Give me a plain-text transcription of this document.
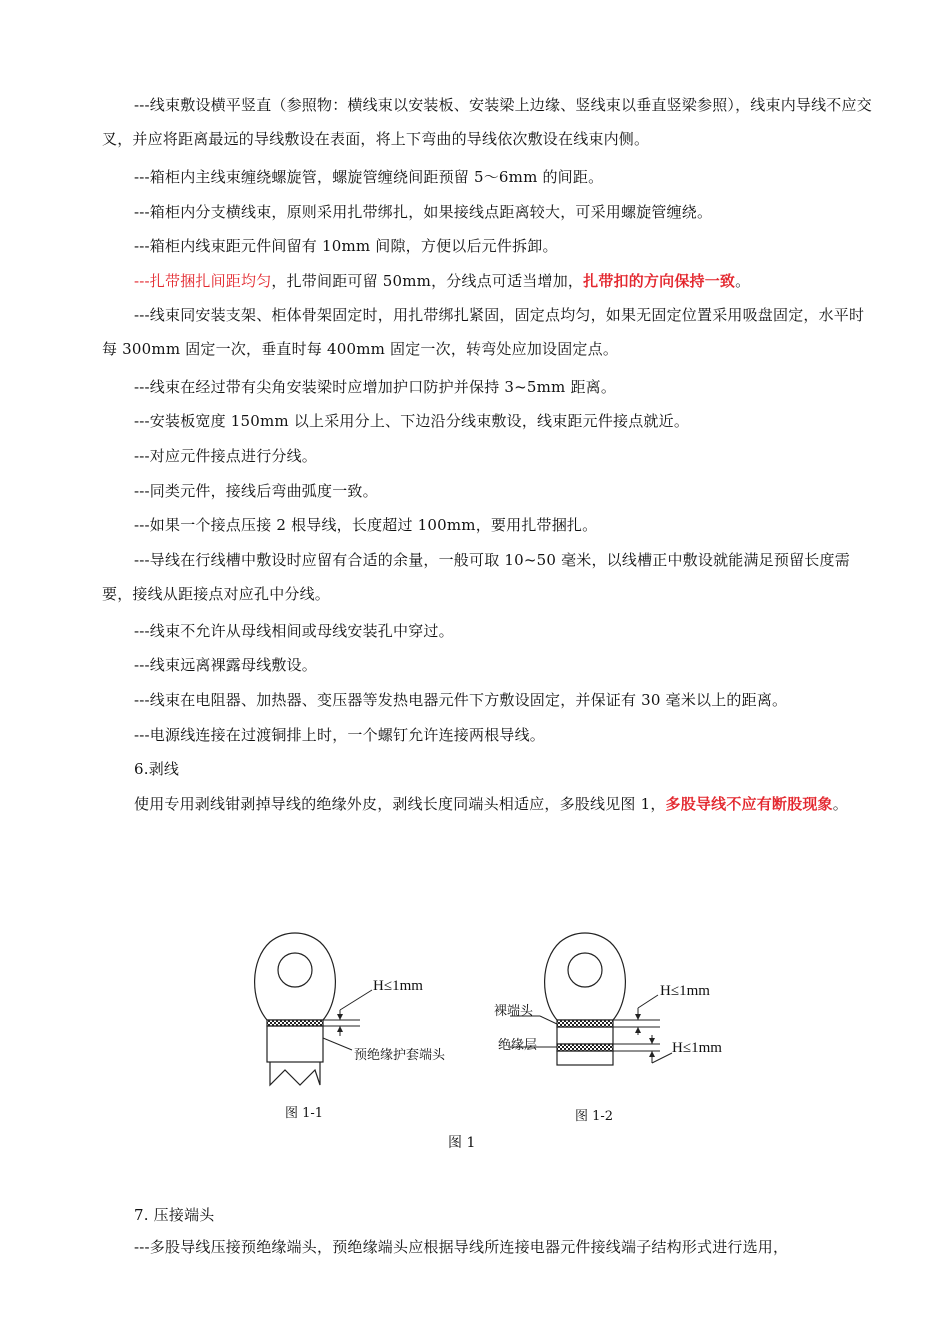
---线束敷设横平竖直（参照物：横线束以安装板、安装梁上边缘、竖线束以垂直竖梁参照），线束内导线不应交叉，并应将距离最远的导线敷设在表面，将上下弯曲的导线依次敷设在线束内侧。

---箱柜内主线束缠绕螺旋管，螺旋管缠绕间距预留 5～6mm 的间距。

---箱柜内分支横线束，原则采用扎带绑扎，如果接线点距离较大，可采用螺旋管缠绕。

---箱柜内线束距元件间留有 10mm 间隙，方便以后元件拆卸。

---扎带捆扎间距均匀，扎带间距可留 50mm，分线点可适当增加，扎带扣的方向保持一致。

---线束同安装支架、柜体骨架固定时，用扎带绑扎紧固，固定点均匀，如果无固定位置采用吸盘固定，水平时每 300mm 固定一次，垂直时每 400mm 固定一次，转弯处应加设固定点。

---线束在经过带有尖角安装梁时应增加护口防护并保持 3~5mm 距离。

---安装板宽度 150mm 以上采用分上、下边沿分线束敷设，线束距元件接点就近。

---对应元件接点进行分线。

---同类元件，接线后弯曲弧度一致。

---如果一个接点压接 2 根导线，长度超过 100mm，要用扎带捆扎。

---导线在行线槽中敷设时应留有合适的余量，一般可取 10~50 毫米，以线槽正中敷设就能满足预留长度需要，接线从距接点对应孔中分线。

---线束不允许从母线相间或母线安装孔中穿过。

---线束远离裸露母线敷设。

---线束在电阻器、加热器、变压器等发热电器元件下方敷设固定，并保证有 30 毫米以上的距离。

---电源线连接在过渡铜排上时，一个螺钉允许连接两根导线。

6.剥线

使用专用剥线钳剥掉导线的绝缘外皮，剥线长度同端头相适应，多股线见图 1，多股导线不应有断股现象。

H≤1mm
预绝缘护套端头
图 1-1
裸端头
绝缘层
H≤1mm
H≤1mm
图 1-2
图 1

7. 压接端头

---多股导线压接预绝缘端头，预绝缘端头应根据导线所连接电器元件接线端子结构形式进行选用，
